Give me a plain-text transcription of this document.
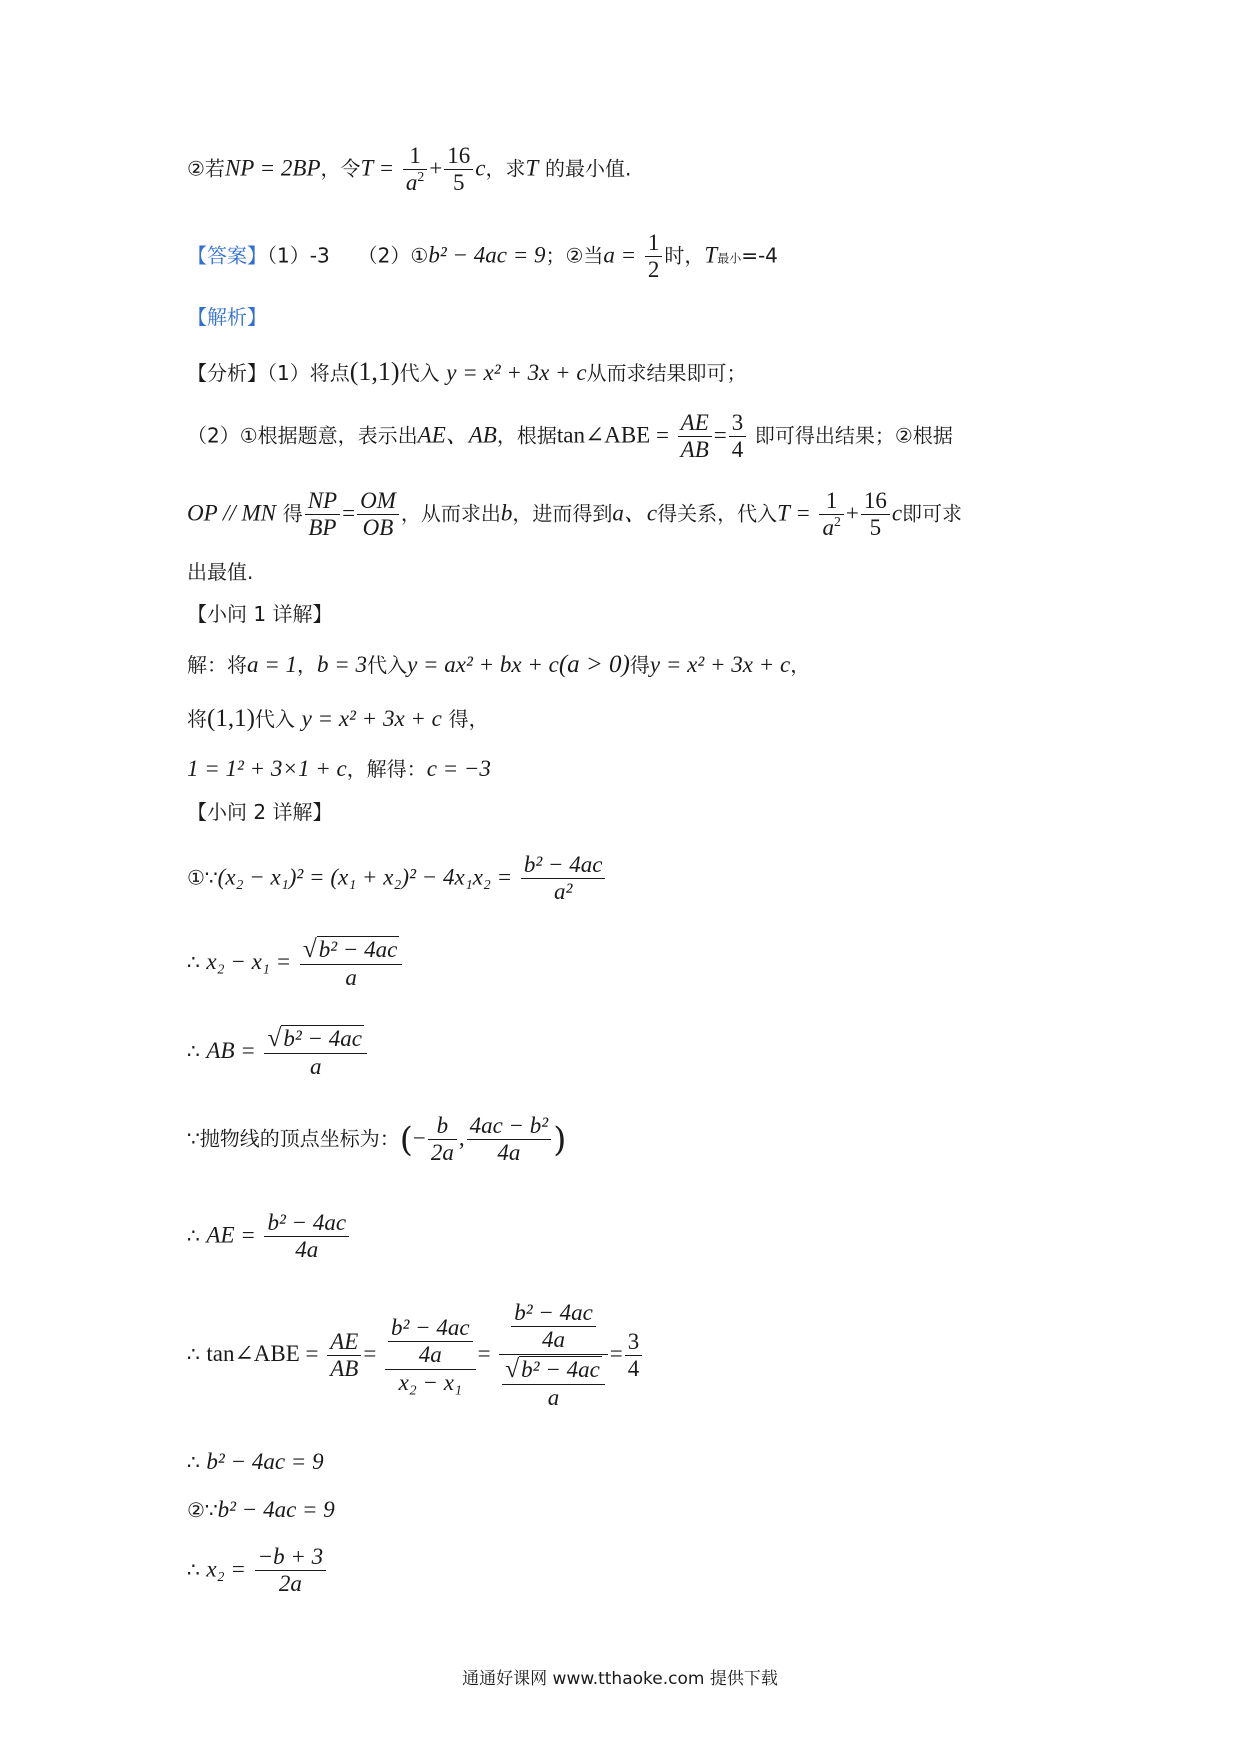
②若NP = 2BP，令$T = \frac{1}{a^2} + \frac{16}{5}$ c，求T 的最小值.
【答案】（1）-3 （2）①b² − 4ac = 9；②当$a = \frac{1}{2}$ 时，T最小=-4
【解析】
【分析】（1）将点(1,1)代入 y = x² + 3x + c从而求结果即可；
（2）①根据题意，表示出AE、AB，根据tan∠ABE = $\frac{AE}{AB} = \frac{3}{4}$ 即可得出结果；②根据
OP // MN 得 $\frac{NP}{BP} = \frac{OM}{OB}$ ，从而求出b，进而得到a、c得关系，代入$T = \frac{1}{a^2} + \frac{16}{5}$ c即可求
出最值.
【小问 1 详解】
解：将a = 1，b = 3代入y = ax² + bx + c(a > 0)得y = x² + 3x + c，
将(1,1)代入 y = x² + 3x + c 得，
1 = 1² + 3×1 + c，解得：c = −3
【小问 2 详解】
①∵(x₂ − $x_1)^2 = (x_1 + x_2)^2 - 4x_1x_2 = \frac{\text{b² − 4ac}}{\text{a²}}$
∴ $x_2 - x_1 = \frac{\text{√b² − 4ac}}{a}$
∴ AB = $\frac{\text{√b² − 4ac}}{a}$
∵抛物线的顶点坐标为：(− $\frac{b}{2a}$ , $\frac{\text{4ac − b²}}{4a}$ )
∴ AE = $\frac{\text{b² − 4ac}}{4a}$
∴ tan∠ABE = $\frac{AE}{AB} = \frac{\frac{\text{b² − 4ac}}{4a}}{\text{x₂ − x₁}} = \frac{\frac{\text{b² − 4ac}}{4a}}{\frac{\text{√b² − 4ac}}{a}} = \frac{3}{4}$
∴ b² − 4ac = 9
②∵b² − 4ac = 9
∴ $x_2 = \frac{-b + 3}{2a}$
通通好课网 www.tthaoke.com 提供下载
